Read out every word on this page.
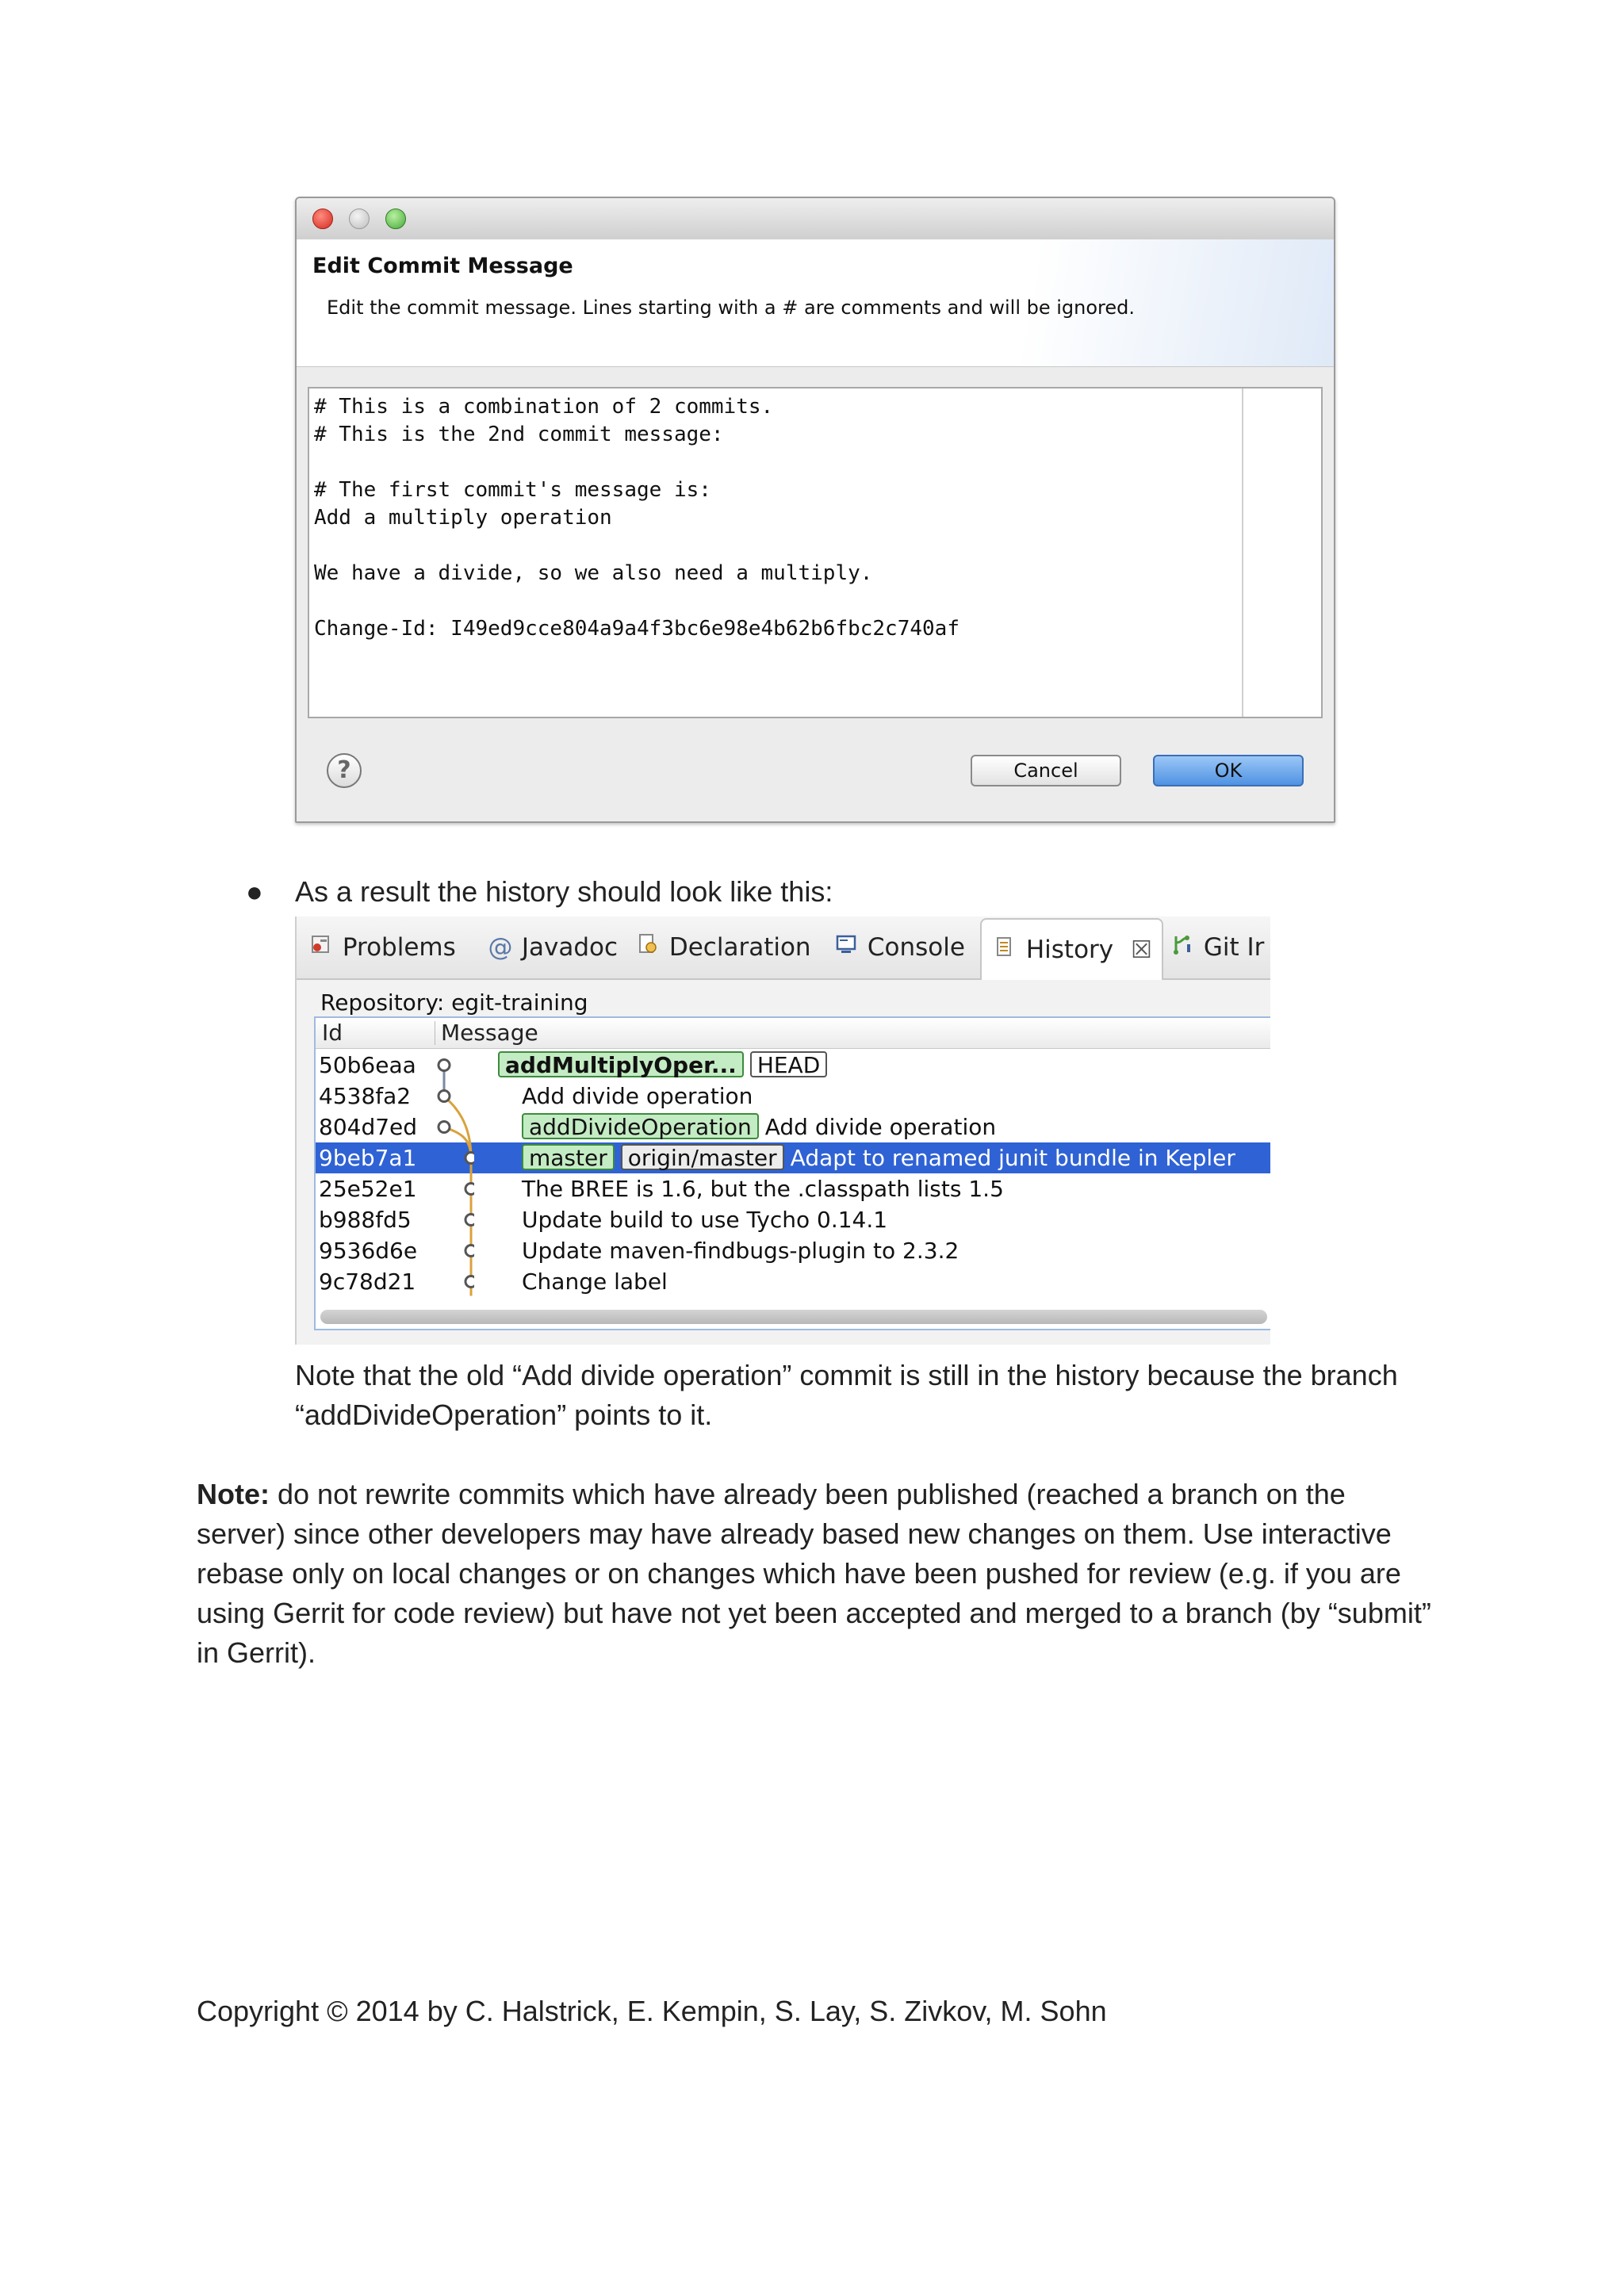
Edit Commit Message
Edit the commit message. Lines starting with a # are comments and will be ignored.
# This is a combination of 2 commits.
# This is the 2nd commit message:
# The first commit's message is:
Add a multiply operation
We have a divide, so we also need a multiply.
Change-Id: I49ed9cce804a9a4f3bc6e98e4b62b6fbc2c740af
?	Cancel	OK
● As a result the history should look like this:
Problems @ Javadoc	Declaration	Console	History ☒	Git Ir
Repository: egit-training
Id	Message
50b6eaa	addMultiplyOper... HEAD
4538fa2	Add divide operation
804d7ed	addDivideOperation Add divide operation
9beb7a1	master origin/master Adapt to renamed junit bundle in Kepler
25e52e1	The BREE is 1.6, but the .classpath lists 1.5
b988fd5	Update build to use Tycho 0.14.1
9536d6e	Update maven-findbugs-plugin to 2.3.2
9c78d21	Change label
Note that the old “Add divide operation” commit is still in the history because the branch “addDivideOperation” points to it.
Note: do not rewrite commits which have already been published (reached a branch on the server) since other developers may have already based new changes on them. Use interactive rebase only on local changes or on changes which have been pushed for review (e.g. if you are using Gerrit for code review) but have not yet been accepted and merged to a branch (by “submit” in Gerrit).
Copyright © 2014 by C. Halstrick, E. Kempin, S. Lay, S. Zivkov, M. Sohn
